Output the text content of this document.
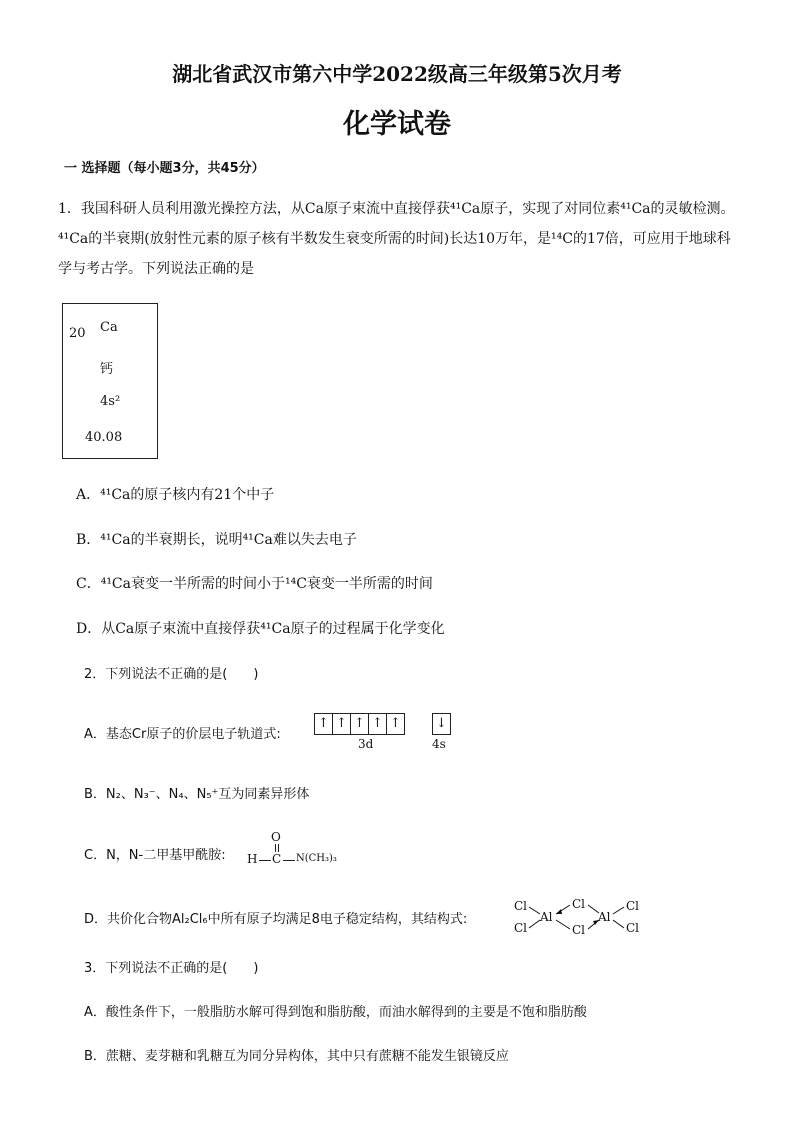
湖北省武汉市第六中学2022级高三年级第5次月考
化学试卷
一 选择题（每小题3分，共45分）
1．我国科研人员利用激光操控方法，从Ca原子束流中直接俘获⁴¹Ca原子，实现了对同位素⁴¹Ca的灵敏检测。
⁴¹Ca的半衰期(放射性元素的原子核有半数发生衰变所需的时间)长达10万年，是¹⁴C的17倍，可应用于地球科
学与考古学。下列说法正确的是
20 Ca
钙
4s²
40.08
A．⁴¹Ca的原子核内有21个中子
B．⁴¹Ca的半衰期长，说明⁴¹Ca难以失去电子
C．⁴¹Ca衰变一半所需的时间小于¹⁴C衰变一半所需的时间
D．从Ca原子束流中直接俘获⁴¹Ca原子的过程属于化学变化
2．下列说法不正确的是(　　)
A．基态Cr原子的价层电子轨道式:
↑ ↑ ↑ ↑ ↑	↓
3d	4s
B．N₂、N₃⁻、N₄、N₅⁺互为同素异形体
C．N，N-二甲基甲酰胺:
O
H C N(CH₃)₃
D．共价化合物Al₂Cl₆中所有原子均满足8电子稳定结构，其结构式:
Cl
Cl
Al
Cl
Cl
Al
Cl
Cl
3．下列说法不正确的是(　　)
A．酸性条件下，一般脂肪水解可得到饱和脂肪酸，而油水解得到的主要是不饱和脂肪酸
B．蔗糖、麦芽糖和乳糖互为同分异构体，其中只有蔗糖不能发生银镜反应
